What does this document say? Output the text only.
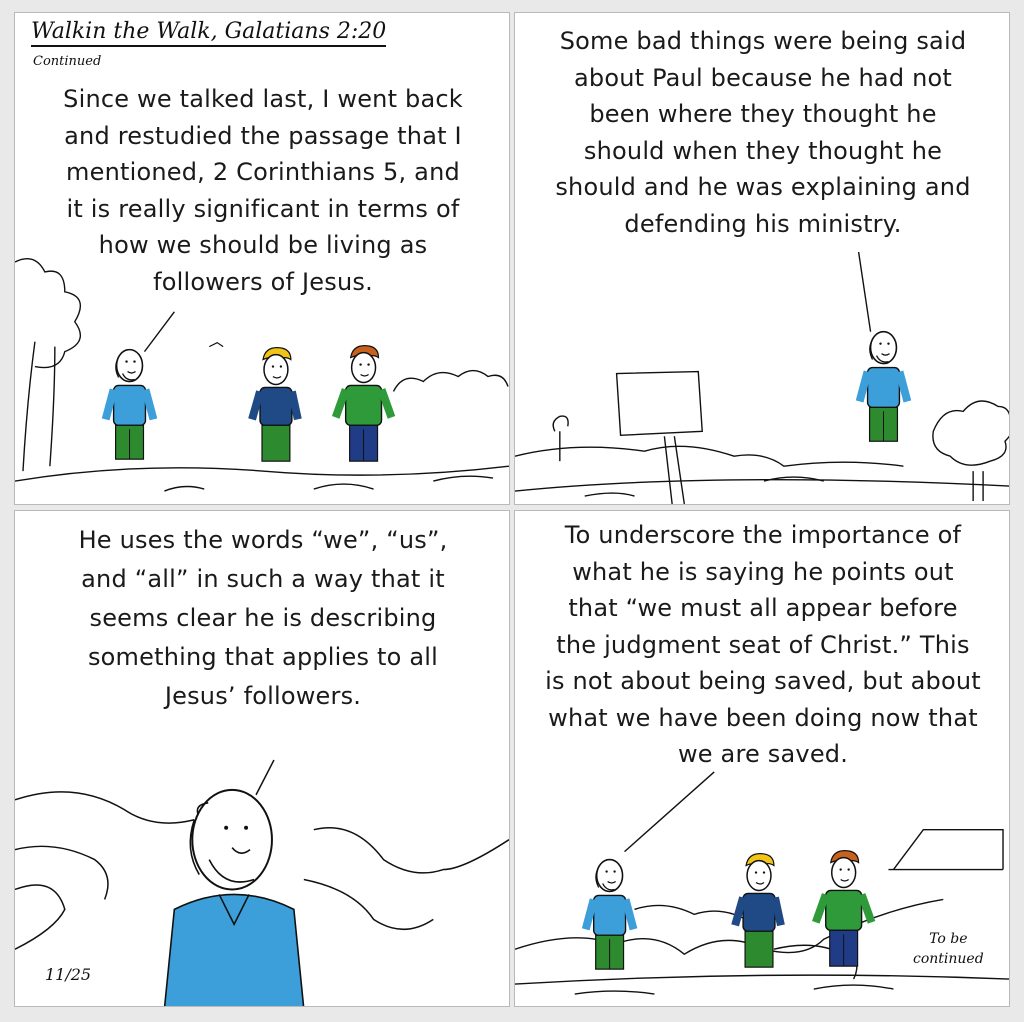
Walkin the Walk, Galatians 2:20
Continued
Since we talked last, I went back
and restudied the passage that I
mentioned, 2 Corinthians 5, and
it is really significant in terms of
how we should be living as
followers of Jesus.
Some bad things were being said
about Paul because he had not
been where they thought he
should when they thought he
should and he was explaining and
defending his ministry.
He uses the words “we”, “us”,
and “all” in such a way that it
seems clear he is describing
something that applies to all
Jesus’ followers.
11/25
To underscore the importance of
what he is saying he points out
that “we must all appear before
the judgment seat of Christ.” This
is not about being saved, but about
what we have been doing now that
we are saved.
To be
continued
